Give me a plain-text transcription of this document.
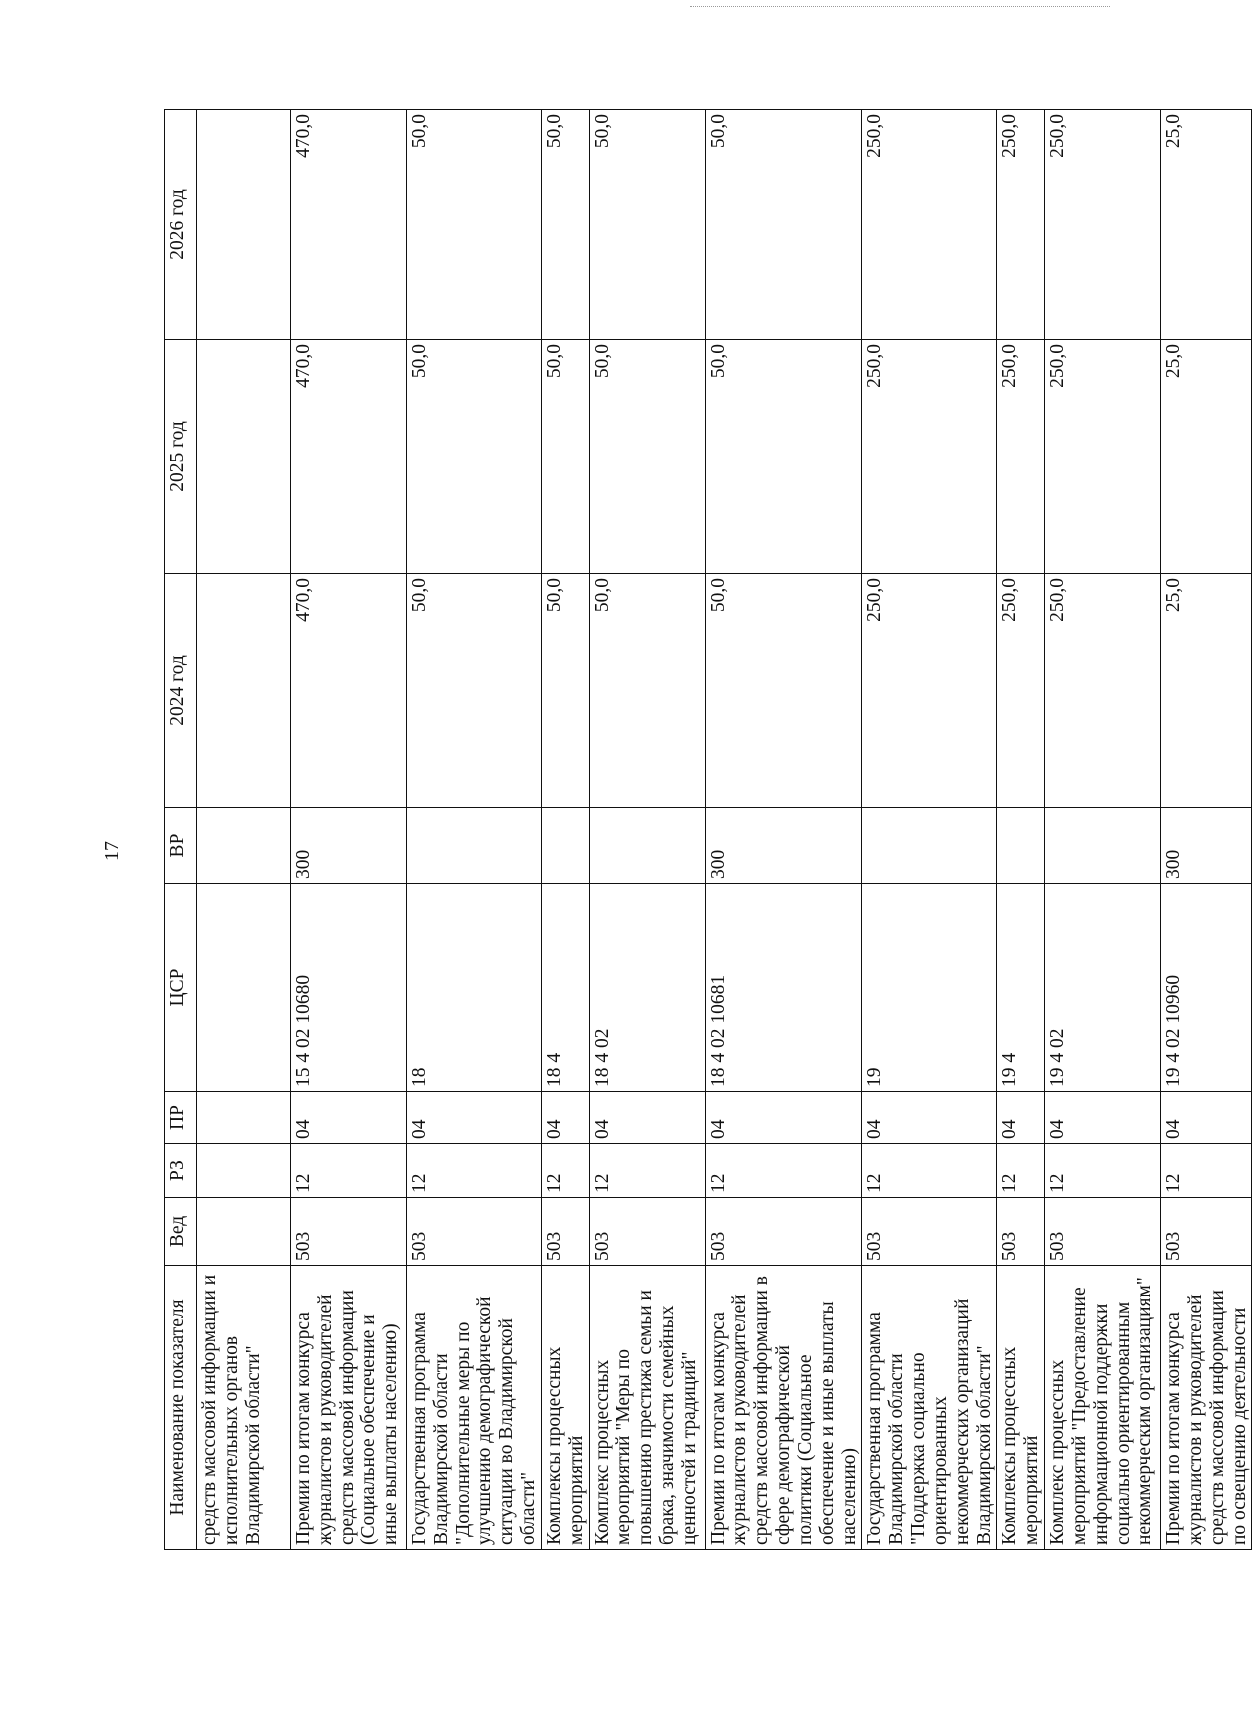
17
Наименование показателя	Вед	РЗ	ПР	ЦСР	ВР	2024 год	2025 год	2026 год
средств массовой информации и исполнительных органов Владимирской области"								
Премии по итогам конкурса журналистов и руководителей средств массовой информации (Социальное обеспечение и иные выплаты населению)	503	12	04	15 4 02 10680	300	470,0	470,0	470,0
Государственная программа Владимирской области "Дополнительные меры по улучшению демографической ситуации во Владимирской области"	503	12	04	18		50,0	50,0	50,0
Комплексы процессных мероприятий	503	12	04	18 4		50,0	50,0	50,0
Комплекс процессных мероприятий "Меры по повышению престижа семьи и брака, значимости семейных ценностей и традиций"	503	12	04	18 4 02		50,0	50,0	50,0
Премии по итогам конкурса журналистов и руководителей средств массовой информации в сфере демографической политики (Социальное обеспечение и иные выплаты населению)	503	12	04	18 4 02 10681	300	50,0	50,0	50,0
Государственная программа Владимирской области "Поддержка социально ориентированных некоммерческих организаций Владимирской области"	503	12	04	19		250,0	250,0	250,0
Комплексы процессных мероприятий	503	12	04	19 4		250,0	250,0	250,0
Комплекс процессных мероприятий "Предоставление информационной поддержки социально ориентированным некоммерческим организациям"	503	12	04	19 4 02		250,0	250,0	250,0
Премии по итогам конкурса журналистов и руководителей средств массовой информации по освещению деятельности	503	12	04	19 4 02 10960	300	25,0	25,0	25,0
